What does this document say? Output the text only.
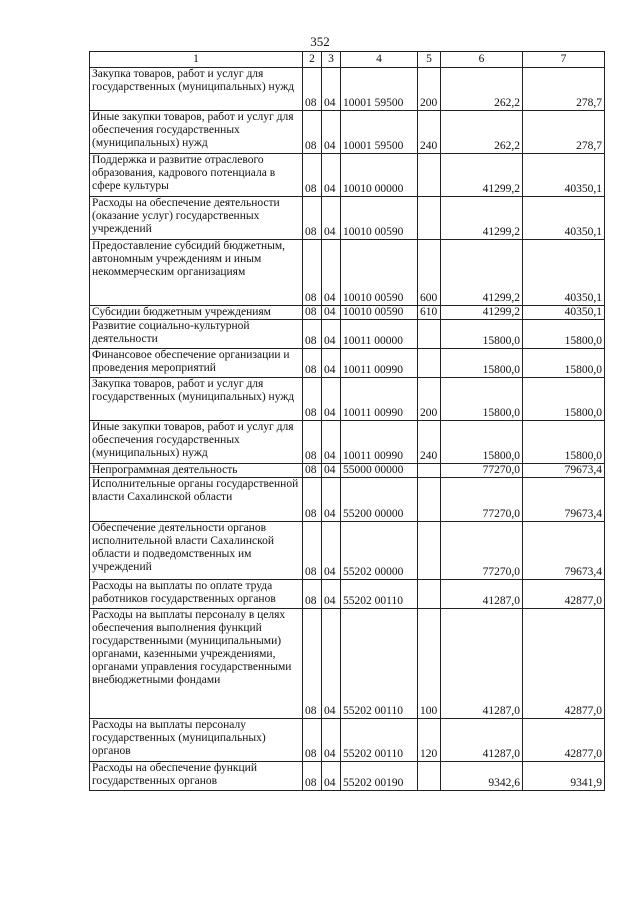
352
1	2	3	4	5	6	7
Закупка товаров, работ и услуг для государственных (муниципальных) нужд	08	04	10001 59500	200	262,2	278,7
Иные закупки товаров, работ и услуг для обеспечения государственных (муниципальных) нужд	08	04	10001 59500	240	262,2	278,7
Поддержка и развитие отраслевого образования, кадрового потенциала в сфере культуры	08	04	10010 00000		41299,2	40350,1
Расходы на обеспечение деятельности (оказание услуг) государственных учреждений	08	04	10010 00590		41299,2	40350,1
Предоставление субсидий бюджетным, автономным учреждениям и иным некоммерческим организациям	08	04	10010 00590	600	41299,2	40350,1
Субсидии бюджетным учреждениям	08	04	10010 00590	610	41299,2	40350,1
Развитие социально-культурной деятельности	08	04	10011 00000		15800,0	15800,0
Финансовое обеспечение организации и проведения мероприятий	08	04	10011 00990		15800,0	15800,0
Закупка товаров, работ и услуг для государственных (муниципальных) нужд	08	04	10011 00990	200	15800,0	15800,0
Иные закупки товаров, работ и услуг для обеспечения государственных (муниципальных) нужд	08	04	10011 00990	240	15800,0	15800,0
Непрограммная деятельность	08	04	55000 00000		77270,0	79673,4
Исполнительные органы государственной власти Сахалинской области	08	04	55200 00000		77270,0	79673,4
Обеспечение деятельности органов исполнительной власти Сахалинской области и подведомственных им учреждений	08	04	55202 00000		77270,0	79673,4
Расходы на выплаты по оплате труда работников государственных органов	08	04	55202 00110		41287,0	42877,0
Расходы на выплаты персоналу в целях обеспечения выполнения функций государственными (муниципальными) органами, казенными учреждениями, органами управления государственными внебюджетными фондами	08	04	55202 00110	100	41287,0	42877,0
Расходы на выплаты персоналу государственных (муниципальных) органов	08	04	55202 00110	120	41287,0	42877,0
Расходы на обеспечение функций государственных органов	08	04	55202 00190		9342,6	9341,9
